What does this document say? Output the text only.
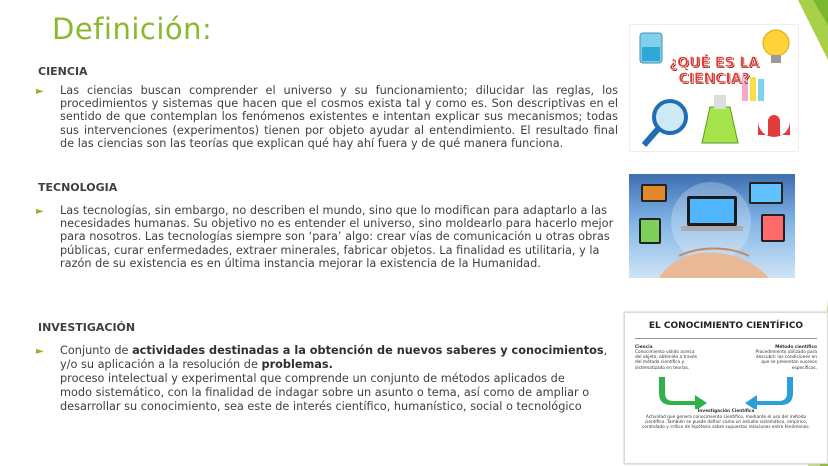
Definición:
CIENCIA
► Las ciencias buscan comprender el universo y su funcionamiento; dilucidar las reglas, los procedimientos y sistemas que hacen que el cosmos exista tal y como es. Son descriptivas en el sentido de que contemplan los fenómenos existentes e intentan explicar sus mecanismos; todas sus intervenciones (experimentos) tienen por objeto ayudar al entendimiento. El resultado final de las ciencias son las teorías que explican qué hay ahí fuera y de qué manera funciona.
TECNOLOGIA
► Las tecnologías, sin embargo, no describen el mundo, sino que lo modifican para adaptarlo a las necesidades humanas. Su objetivo no es entender el universo, sino moldearlo para hacerlo mejor para nosotros. Las tecnologías siempre son ‘para’ algo: crear vías de comunicación u otras obras públicas, curar enfermedades, extraer minerales, fabricar objetos. La finalidad es utilitaria, y la razón de su existencia es en última instancia mejorar la existencia de la Humanidad.
INVESTIGACIÓN
► Conjunto de actividades destinadas a la obtención de nuevos saberes y conocimientos,
y/o su aplicación a la resolución de problemas.
proceso intelectual y experimental que comprende un conjunto de métodos aplicados de
modo sistemático, con la finalidad de indagar sobre un asunto o tema, así como de ampliar o
desarrollar su conocimiento, sea este de interés científico, humanístico, social o tecnológico
¿QUÉ ES LA CIENCIA?
EL CONOCIMIENTO CIENTÍFICO
Ciencia
Conocimiento válido acerca del objeto, obtenido a través del método científico y sistematizado en teorías.
Método científico
Procedimiento utilizado para descubrir las condiciones en que se presentan sucesos específicos.
Investigación Científica
Actividad que genera conocimiento científico, mediante el uso del método científico. También se puede definir como un estudio sistemático, empírico, controlado y crítico de hipótesis sobre supuestas relaciones entre fenómenos.
